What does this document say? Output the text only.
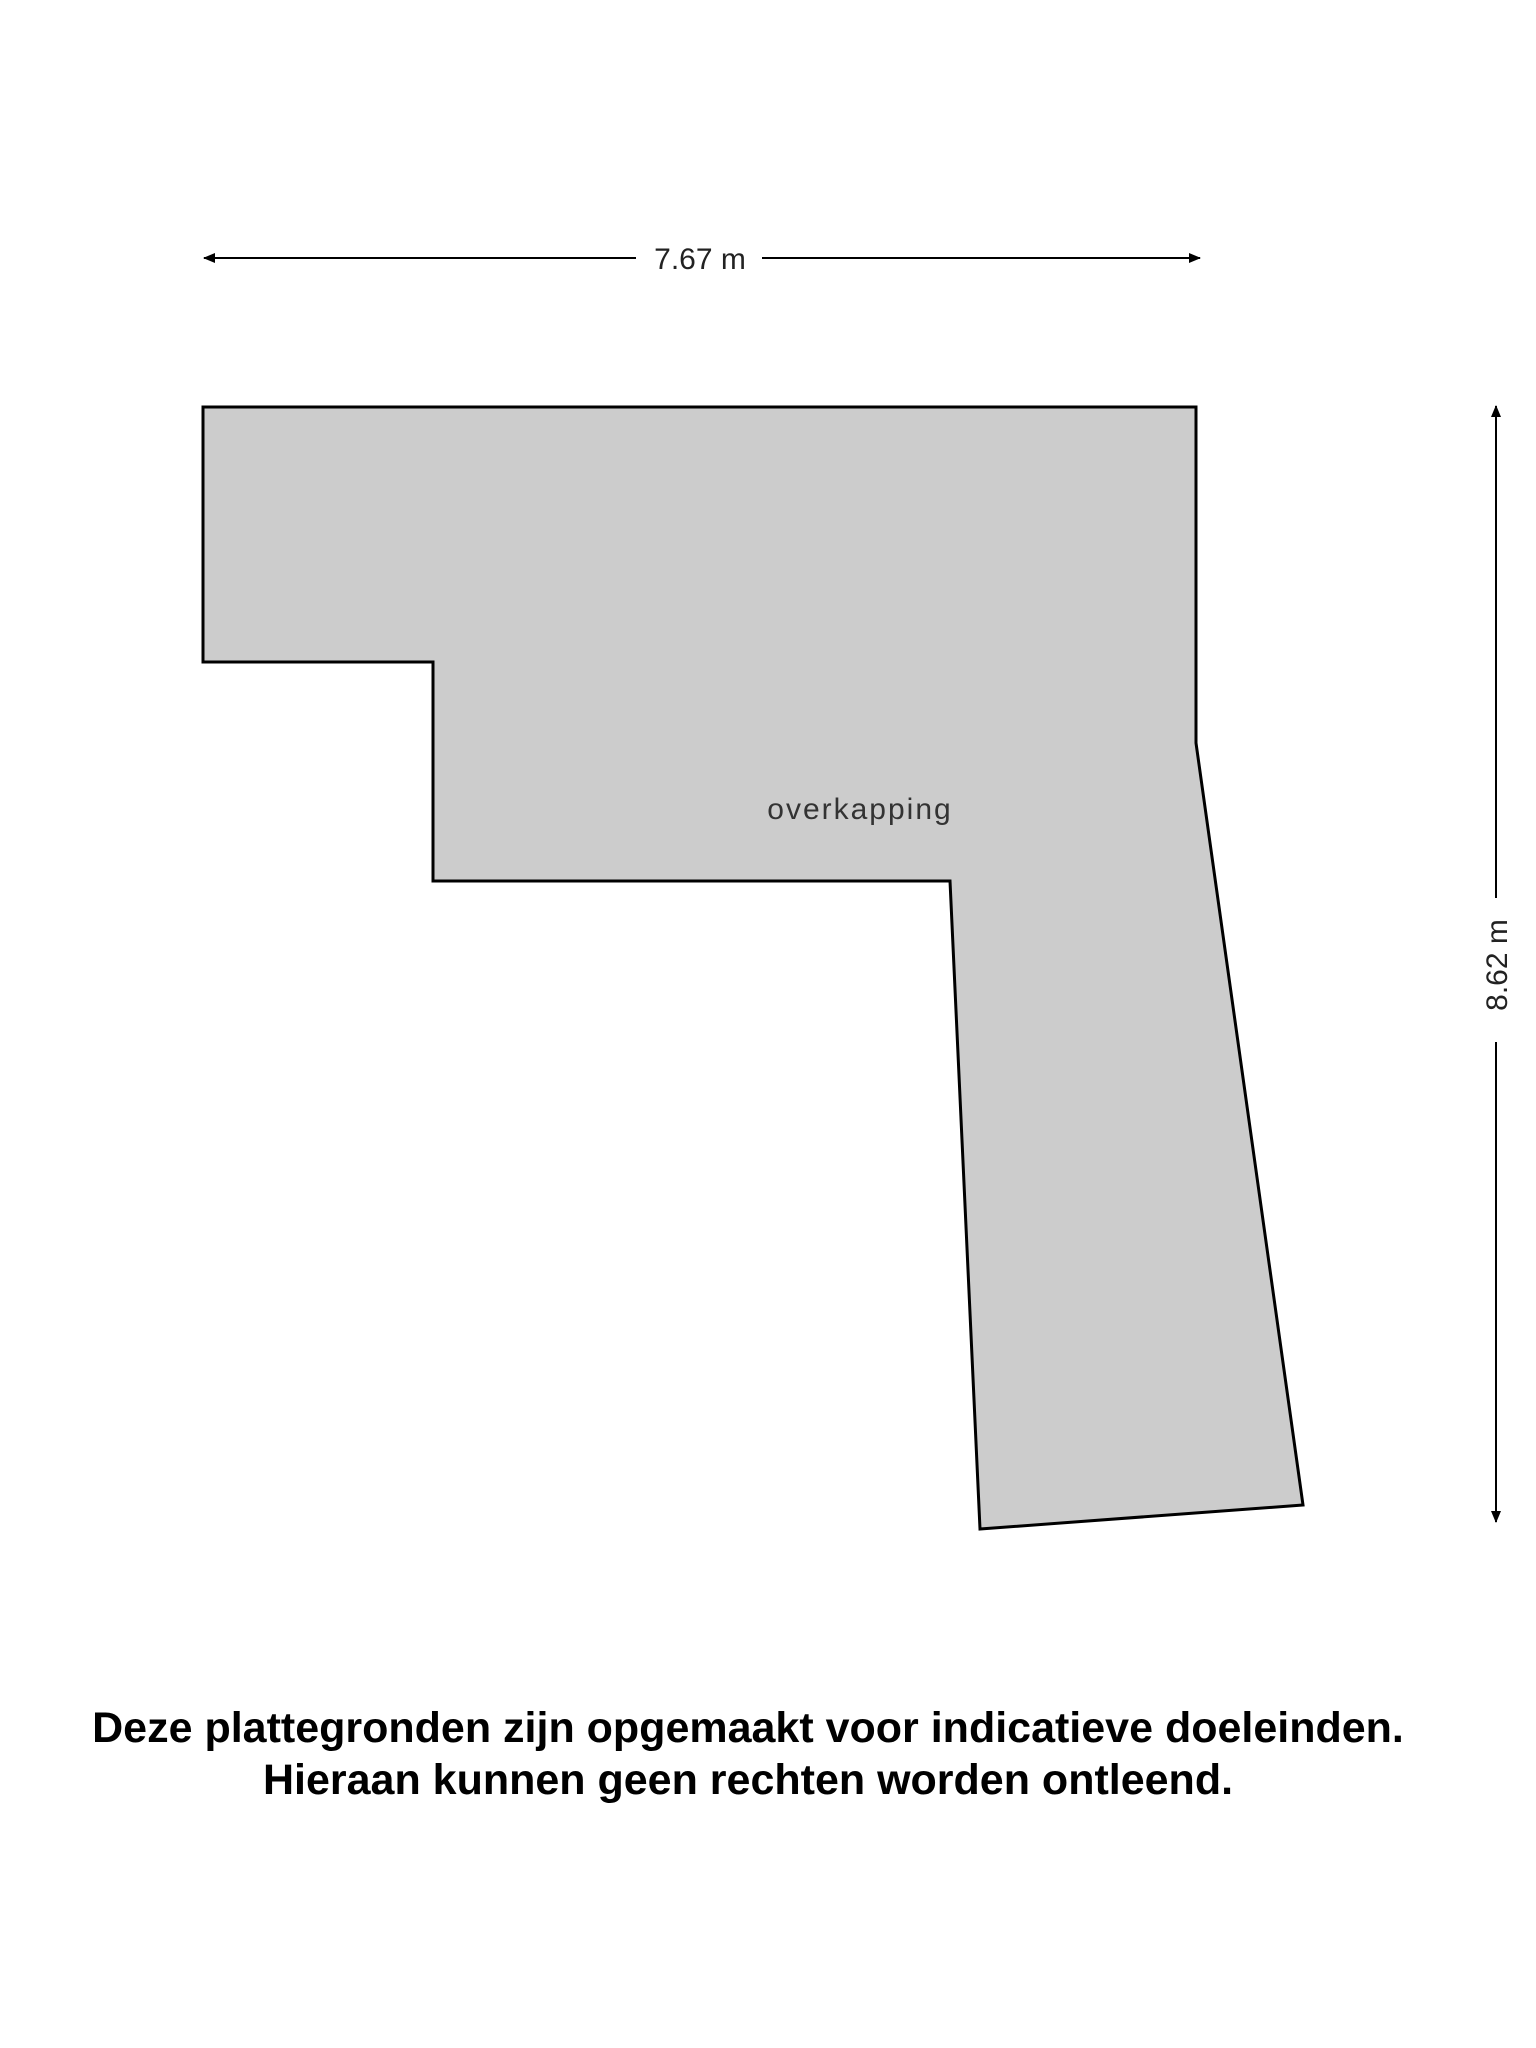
7.67 m
8.62 m
overkapping
Deze plattegronden zijn opgemaakt voor indicatieve doeleinden.
Hieraan kunnen geen rechten worden ontleend.
